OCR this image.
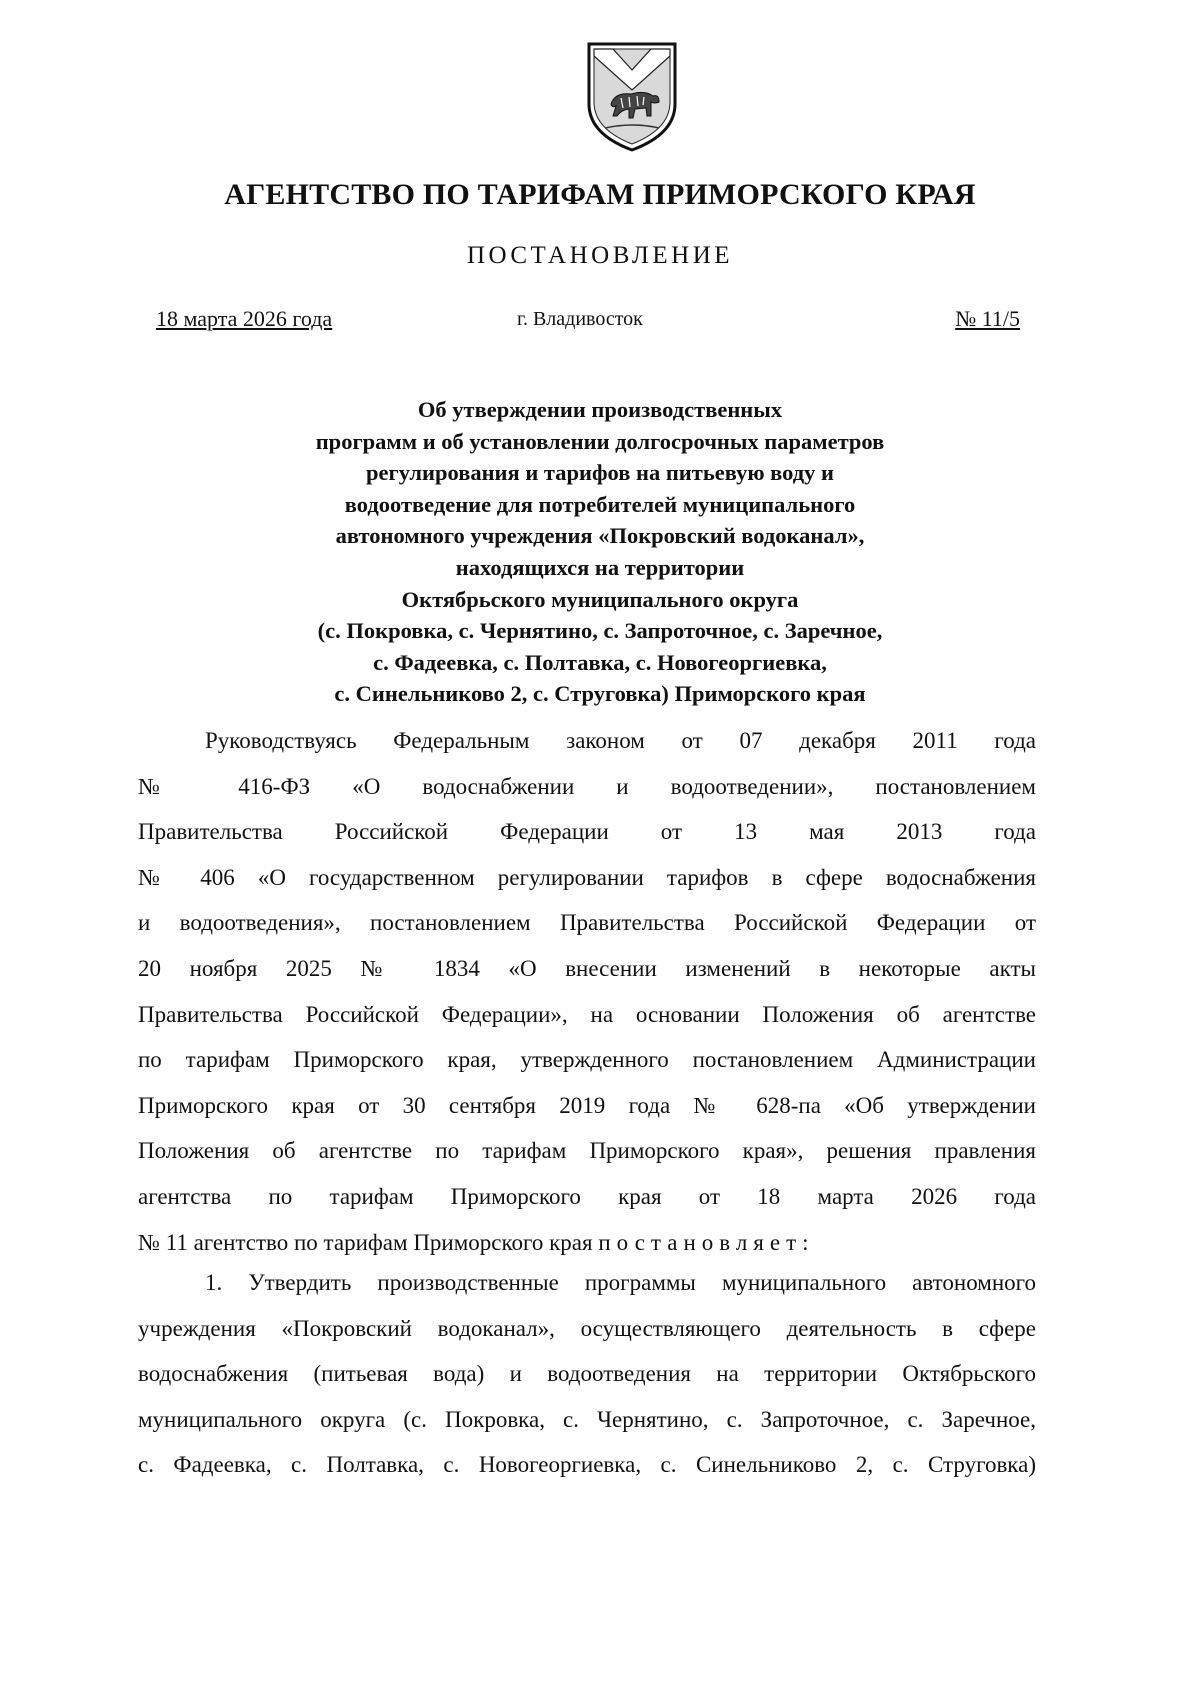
АГЕНТСТВО ПО ТАРИФАМ ПРИМОРСКОГО КРАЯ
ПОСТАНОВЛЕНИЕ
18 марта 2026 года	г. Владивосток	№ 11/5
Об утверждении производственных
программ и об установлении долгосрочных параметров
регулирования и тарифов на питьевую воду и
водоотведение для потребителей муниципального
автономного учреждения «Покровский водоканал»,
находящихся на территории
Октябрьского муниципального округа
(с. Покровка, с. Чернятино, с. Запроточное, с. Заречное,
с. Фадеевка, с. Полтавка, с. Новогеоргиевка,
с. Синельниково 2, с. Струговка) Приморского края
Руководствуясь Федеральным законом от 07 декабря 2011 года
№ 416-ФЗ «О водоснабжении и водоотведении», постановлением
Правительства Российской Федерации от 13 мая 2013 года
№ 406 «О государственном регулировании тарифов в сфере водоснабжения
и водоотведения», постановлением Правительства Российской Федерации от
20 ноября 2025 № 1834 «О внесении изменений в некоторые акты
Правительства Российской Федерации», на основании Положения об агентстве
по тарифам Приморского края, утвержденного постановлением Администрации
Приморского края от 30 сентября 2019 года № 628-па «Об утверждении
Положения об агентстве по тарифам Приморского края», решения правления
агентства по тарифам Приморского края от 18 марта 2026 года
№ 11 агентство по тарифам Приморского края постановляет:
1. Утвердить производственные программы муниципального автономного
учреждения «Покровский водоканал», осуществляющего деятельность в сфере
водоснабжения (питьевая вода) и водоотведения на территории Октябрьского
муниципального округа (с. Покровка, с. Чернятино, с. Запроточное, с. Заречное,
с. Фадеевка, с. Полтавка, с. Новогеоргиевка, с. Синельниково 2, с. Струговка)
